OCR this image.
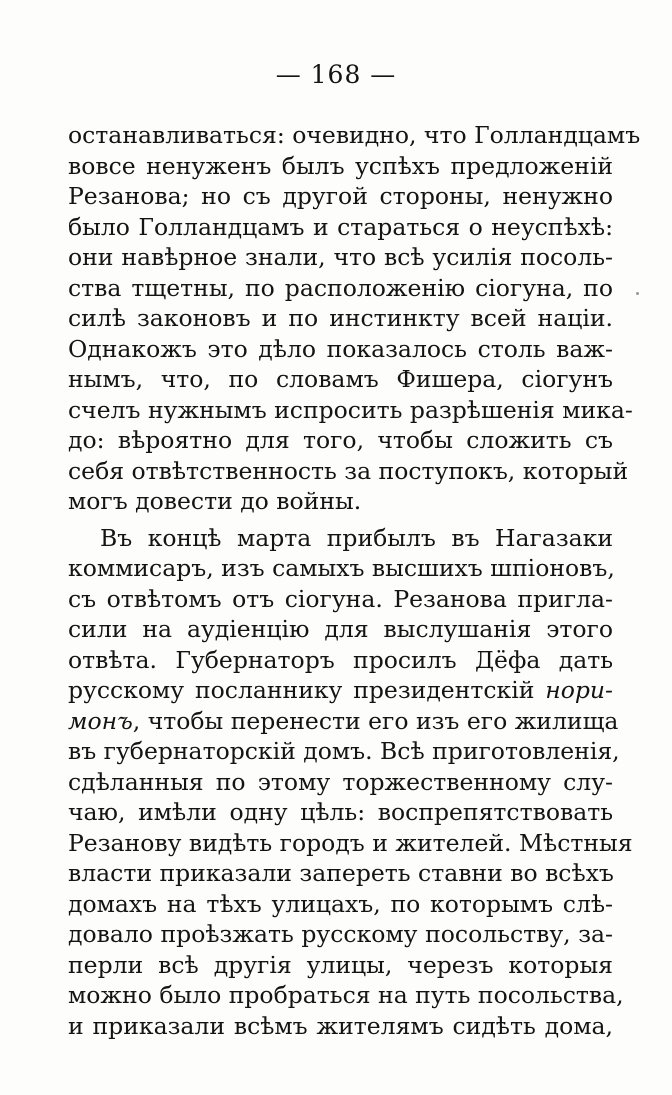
— 168 —
останавливаться: очевидно, что Голландцамъ
вовсе ненуженъ былъ успѣхъ предложеній
Резанова; но съ другой стороны, ненужно
было Голландцамъ и стараться о неуспѣхѣ:
они навѣрное знали, что всѣ усилія посоль-
ства тщетны, по расположенію сіогуна, по
силѣ законовъ и по инстинкту всей націи.
Однакожъ это дѣло показалось столь важ-
нымъ, что, по словамъ Фишера, сіогунъ
счелъ нужнымъ испросить разрѣшенія мика-
до: вѣроятно для того, чтобы сложить съ
себя отвѣтственность за поступокъ, который
могъ довести до войны.
Въ концѣ марта прибылъ въ Нагазаки
коммисаръ, изъ самыхъ высшихъ шпіоновъ,
съ отвѣтомъ отъ сіогуна. Резанова пригла-
сили на аудіенцію для выслушанія этого
отвѣта. Губернаторъ просилъ Дёфа дать
русскому посланнику президентскій нори-
монъ, чтобы перенести его изъ его жилища
въ губернаторскій домъ. Всѣ приготовленія,
сдѣланныя по этому торжественному слу-
чаю, имѣли одну цѣль: воспрепятствовать
Резанову видѣть городъ и жителей. Мѣстныя
власти приказали запереть ставни во всѣхъ
домахъ на тѣхъ улицахъ, по которымъ слѣ-
довало проѣзжать русскому посольству, за-
перли всѣ другія улицы, черезъ которыя
можно было пробраться на путь посольства,
и приказали всѣмъ жителямъ сидѣть дома,
